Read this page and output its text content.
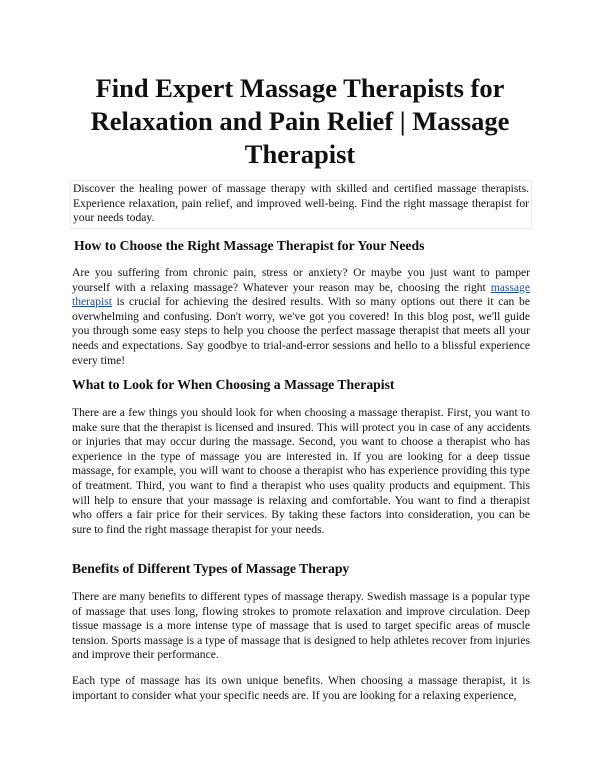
Find Expert Massage Therapists for Relaxation and Pain Relief | Massage Therapist

Discover the healing power of massage therapy with skilled and certified massage therapists. Experience relaxation, pain relief, and improved well-being. Find the right massage therapist for your needs today.

How to Choose the Right Massage Therapist for Your Needs

Are you suffering from chronic pain, stress or anxiety? Or maybe you just want to pamper yourself with a relaxing massage? Whatever your reason may be, choosing the right massage therapist is crucial for achieving the desired results. With so many options out there it can be overwhelming and confusing. Don't worry, we've got you covered! In this blog post, we'll guide you through some easy steps to help you choose the perfect massage therapist that meets all your needs and expectations. Say goodbye to trial-and-error sessions and hello to a blissful experience every time!

What to Look for When Choosing a Massage Therapist

There are a few things you should look for when choosing a massage therapist. First, you want to make sure that the therapist is licensed and insured. This will protect you in case of any accidents or injuries that may occur during the massage. Second, you want to choose a therapist who has experience in the type of massage you are interested in. If you are looking for a deep tissue massage, for example, you will want to choose a therapist who has experience providing this type of treatment. Third, you want to find a therapist who uses quality products and equipment. This will help to ensure that your massage is relaxing and comfortable. You want to find a therapist who offers a fair price for their services. By taking these factors into consideration, you can be sure to find the right massage therapist for your needs.

Benefits of Different Types of Massage Therapy

There are many benefits to different types of massage therapy. Swedish massage is a popular type of massage that uses long, flowing strokes to promote relaxation and improve circulation. Deep tissue massage is a more intense type of massage that is used to target specific areas of muscle tension. Sports massage is a type of massage that is designed to help athletes recover from injuries and improve their performance.

Each type of massage has its own unique benefits. When choosing a massage therapist, it is important to consider what your specific needs are. If you are looking for a relaxing experience,
